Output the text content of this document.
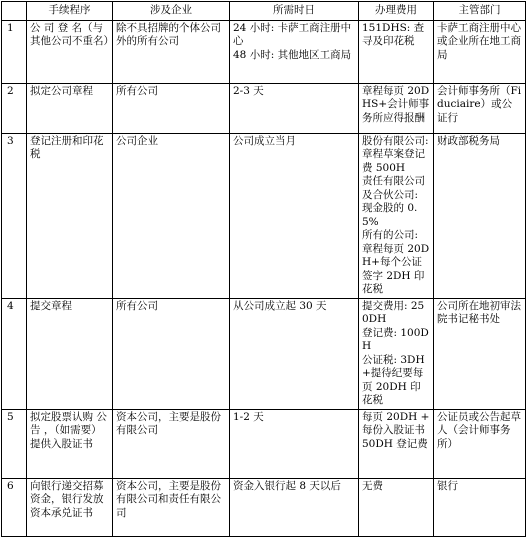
	手续程序	涉及企业	所需时日	办理费用	主管部门
1	公 司 登 名（与其他公司不重名）	除不具招牌的个体公司外的所有公司	24 小时: 卡萨工商注册中心
48 小时: 其他地区工商局	151DHS: 查寻及印花税	卡萨工商注册中心或企业所在地工商局
2	拟定公司章程	所有公司	2-3 天	章程每页 20DHS+会计师事务所应得报酬	会计师事务所（Fiduciaire）或公证行
3	登记注册和印花税	公司企业	公司成立当月	股份有限公司: 章程草案登记费 500H
责任有限公司及合伙公司: 现金股的 0.5%
所有的公司: 章程每页 20DH+每个公证签字 2DH 印花税	财政部税务局
4	提交章程	所有公司	从公司成立起 30 天	提交费用: 250DH
登记费: 100DH
公证税: 3DH+提待纪要每页 20DH 印花税	公司所在地初审法院书记秘书处
5	拟定股票认购 公 告 ，（如需要）提供入股证书	资本公司，主要是股份有限公司	1-2 天	每页 20DH + 每份入股证书 50DH 登记费	公证员或公告起草人（会计师事务所）
6	向银行递交招募资金，银行发放资本承兑证书	资本公司，主要是股份有限公司和责任有限公司	资金入银行起 8 天以后	无费	银行
